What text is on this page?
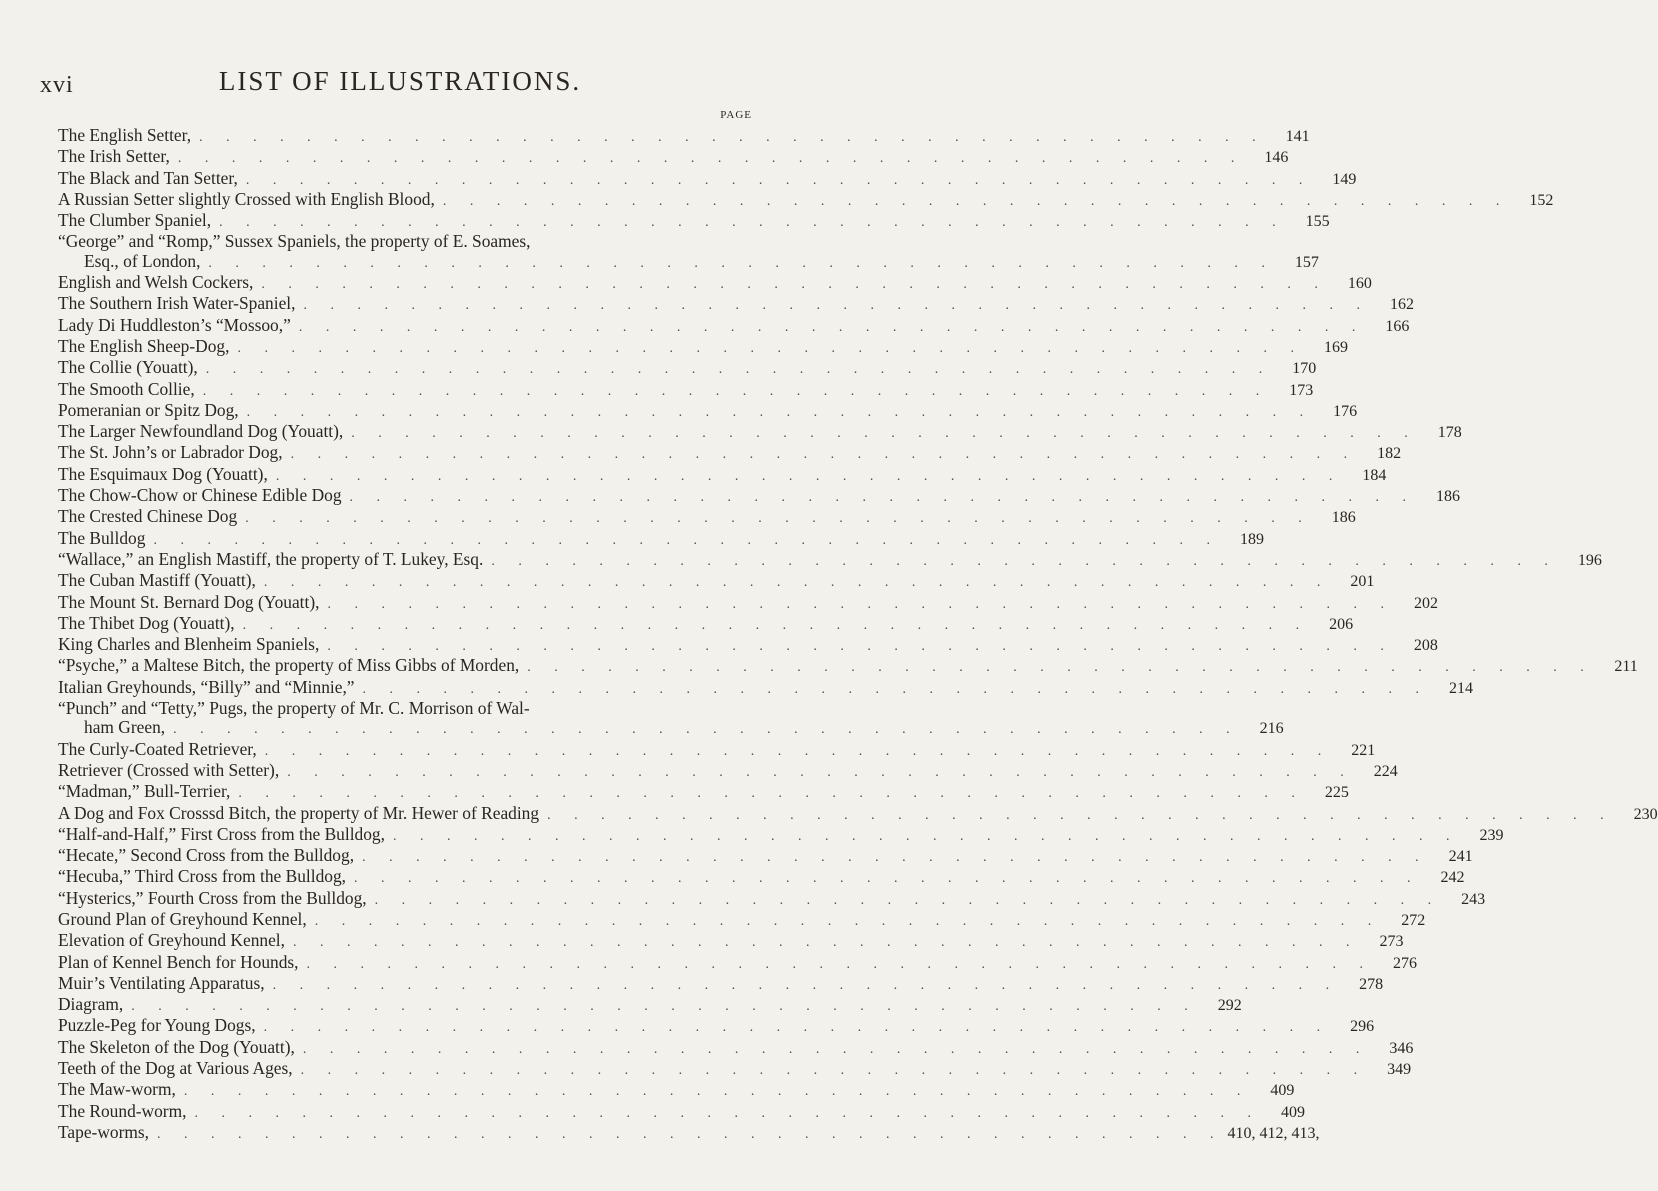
xvi	LIST OF ILLUSTRATIONS.
PAGE
The English Setter, . . . . . . . . . . . . . . . . . . . . . . . . . . . . . . . . . . . . . . . .	141
The Irish Setter, . . . . . . . . . . . . . . . . . . . . . . . . . . . . . . . . . . . . . . . .	146
The Black and Tan Setter, . . . . . . . . . . . . . . . . . . . . . . . . . . . . . . . . . . . . . . . .	149
A Russian Setter slightly Crossed with English Blood, . . . . . . . . . . . . . . . . . . . . . . . . . . . . . . . . . . . . . . . .	152
The Clumber Spaniel, . . . . . . . . . . . . . . . . . . . . . . . . . . . . . . . . . . . . . . . .	155
“George” and “Romp,” Sussex Spaniels, the property of E. Soames,
Esq., of London, . . . . . . . . . . . . . . . . . . . . . . . . . . . . . . . . . . . . . . . .	157
English and Welsh Cockers, . . . . . . . . . . . . . . . . . . . . . . . . . . . . . . . . . . . . . . . .	160
The Southern Irish Water-Spaniel, . . . . . . . . . . . . . . . . . . . . . . . . . . . . . . . . . . . . . . . .	162
Lady Di Huddleston’s “Mossoo,” . . . . . . . . . . . . . . . . . . . . . . . . . . . . . . . . . . . . . . . .	166
The English Sheep-Dog, . . . . . . . . . . . . . . . . . . . . . . . . . . . . . . . . . . . . . . . .	169
The Collie (Youatt), . . . . . . . . . . . . . . . . . . . . . . . . . . . . . . . . . . . . . . . .	170
The Smooth Collie, . . . . . . . . . . . . . . . . . . . . . . . . . . . . . . . . . . . . . . . .	173
Pomeranian or Spitz Dog, . . . . . . . . . . . . . . . . . . . . . . . . . . . . . . . . . . . . . . . .	176
The Larger Newfoundland Dog (Youatt), . . . . . . . . . . . . . . . . . . . . . . . . . . . . . . . . . . . . . . . .	178
The St. John’s or Labrador Dog, . . . . . . . . . . . . . . . . . . . . . . . . . . . . . . . . . . . . . . . .	182
The Esquimaux Dog (Youatt), . . . . . . . . . . . . . . . . . . . . . . . . . . . . . . . . . . . . . . . .	184
The Chow-Chow or Chinese Edible Dog . . . . . . . . . . . . . . . . . . . . . . . . . . . . . . . . . . . . . . . .	186
The Crested Chinese Dog . . . . . . . . . . . . . . . . . . . . . . . . . . . . . . . . . . . . . . . .	186
The Bulldog . . . . . . . . . . . . . . . . . . . . . . . . . . . . . . . . . . . . . . . .	189
“Wallace,” an English Mastiff, the property of T. Lukey, Esq. . . . . . . . . . . . . . . . . . . . . . . . . . . . . . . . . . . . . . . . .	196
The Cuban Mastiff (Youatt), . . . . . . . . . . . . . . . . . . . . . . . . . . . . . . . . . . . . . . . .	201
The Mount St. Bernard Dog (Youatt), . . . . . . . . . . . . . . . . . . . . . . . . . . . . . . . . . . . . . . . .	202
The Thibet Dog (Youatt), . . . . . . . . . . . . . . . . . . . . . . . . . . . . . . . . . . . . . . . .	206
King Charles and Blenheim Spaniels, . . . . . . . . . . . . . . . . . . . . . . . . . . . . . . . . . . . . . . . .	208
“Psyche,” a Maltese Bitch, the property of Miss Gibbs of Morden, . . . . . . . . . . . . . . . . . . . . . . . . . . . . . . . . . . . . . . . .	211
Italian Greyhounds, “Billy” and “Minnie,” . . . . . . . . . . . . . . . . . . . . . . . . . . . . . . . . . . . . . . . .	214
“Punch” and “Tetty,” Pugs, the property of Mr. C. Morrison of Wal-
ham Green, . . . . . . . . . . . . . . . . . . . . . . . . . . . . . . . . . . . . . . . .	216
The Curly-Coated Retriever, . . . . . . . . . . . . . . . . . . . . . . . . . . . . . . . . . . . . . . . .	221
Retriever (Crossed with Setter), . . . . . . . . . . . . . . . . . . . . . . . . . . . . . . . . . . . . . . . .	224
“Madman,” Bull-Terrier, . . . . . . . . . . . . . . . . . . . . . . . . . . . . . . . . . . . . . . . .	225
A Dog and Fox Crosssd Bitch, the property of Mr. Hewer of Reading . . . . . . . . . . . . . . . . . . . . . . . . . . . . . . . . . . . . . . . .	230
“Half-and-Half,” First Cross from the Bulldog, . . . . . . . . . . . . . . . . . . . . . . . . . . . . . . . . . . . . . . . .	239
“Hecate,” Second Cross from the Bulldog, . . . . . . . . . . . . . . . . . . . . . . . . . . . . . . . . . . . . . . . .	241
“Hecuba,” Third Cross from the Bulldog, . . . . . . . . . . . . . . . . . . . . . . . . . . . . . . . . . . . . . . . .	242
“Hysterics,” Fourth Cross from the Bulldog, . . . . . . . . . . . . . . . . . . . . . . . . . . . . . . . . . . . . . . . .	243
Ground Plan of Greyhound Kennel, . . . . . . . . . . . . . . . . . . . . . . . . . . . . . . . . . . . . . . . .	272
Elevation of Greyhound Kennel, . . . . . . . . . . . . . . . . . . . . . . . . . . . . . . . . . . . . . . . .	273
Plan of Kennel Bench for Hounds, . . . . . . . . . . . . . . . . . . . . . . . . . . . . . . . . . . . . . . . .	276
Muir’s Ventilating Apparatus, . . . . . . . . . . . . . . . . . . . . . . . . . . . . . . . . . . . . . . . .	278
Diagram, . . . . . . . . . . . . . . . . . . . . . . . . . . . . . . . . . . . . . . . .	292
Puzzle-Peg for Young Dogs, . . . . . . . . . . . . . . . . . . . . . . . . . . . . . . . . . . . . . . . .	296
The Skeleton of the Dog (Youatt), . . . . . . . . . . . . . . . . . . . . . . . . . . . . . . . . . . . . . . . .	346
Teeth of the Dog at Various Ages, . . . . . . . . . . . . . . . . . . . . . . . . . . . . . . . . . . . . . . . .	349
The Maw-worm, . . . . . . . . . . . . . . . . . . . . . . . . . . . . . . . . . . . . . . . .	409
The Round-worm, . . . . . . . . . . . . . . . . . . . . . . . . . . . . . . . . . . . . . . . .	409
Tape-worms, . . . . . . . . . . . . . . . . . . . . . . . . . . . . . . . . . . . . . . . . 410, 412, 413,
